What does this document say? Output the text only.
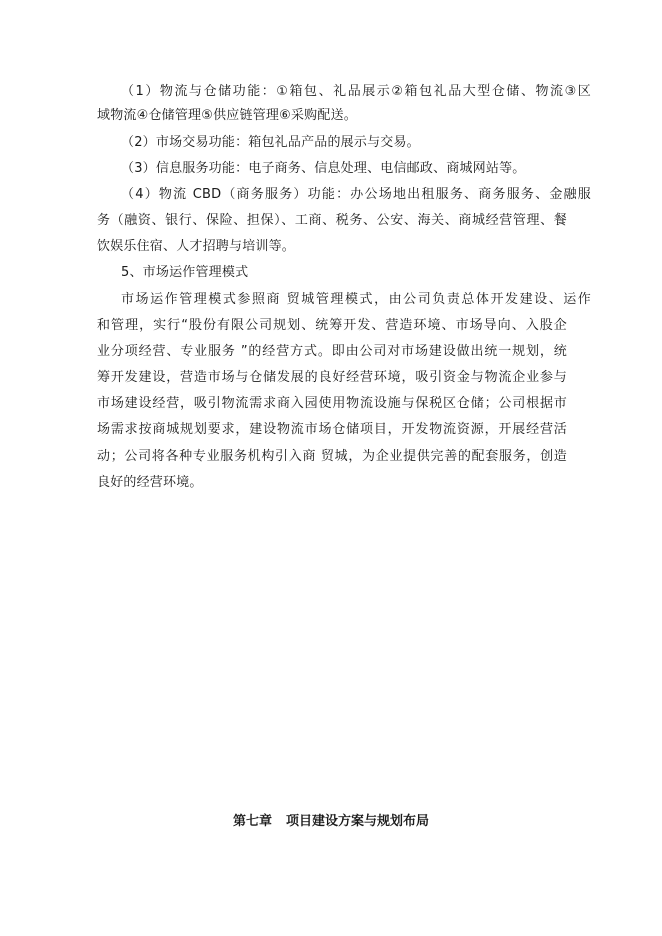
（1）物流与仓储功能：①箱包、礼品展示②箱包礼品大型仓储、物流③区
域物流④仓储管理⑤供应链管理⑥采购配送。
（2）市场交易功能：箱包礼品产品的展示与交易。
（3）信息服务功能：电子商务、信息处理、电信邮政、商城网站等。
（4）物流 CBD（商务服务）功能：办公场地出租服务、商务服务、金融服
务（融资、银行、保险、担保）、工商、税务、公安、海关、商城经营管理、餐
饮娱乐住宿、人才招聘与培训等。
5、市场运作管理模式
市场运作管理模式参照商 贸城管理模式，由公司负责总体开发建设、运作
和管理，实行“股份有限公司规划、统筹开发、营造环境、市场导向、入股企
业分项经营、专业服务 ”的经营方式。即由公司对市场建设做出统一规划，统
筹开发建设，营造市场与仓储发展的良好经营环境，吸引资金与物流企业参与
市场建设经营，吸引物流需求商入园使用物流设施与保税区仓储；公司根据市
场需求按商城规划要求，建设物流市场仓储项目，开发物流资源，开展经营活
动；公司将各种专业服务机构引入商 贸城，为企业提供完善的配套服务，创造
良好的经营环境。
第七章 项目建设方案与规划布局
